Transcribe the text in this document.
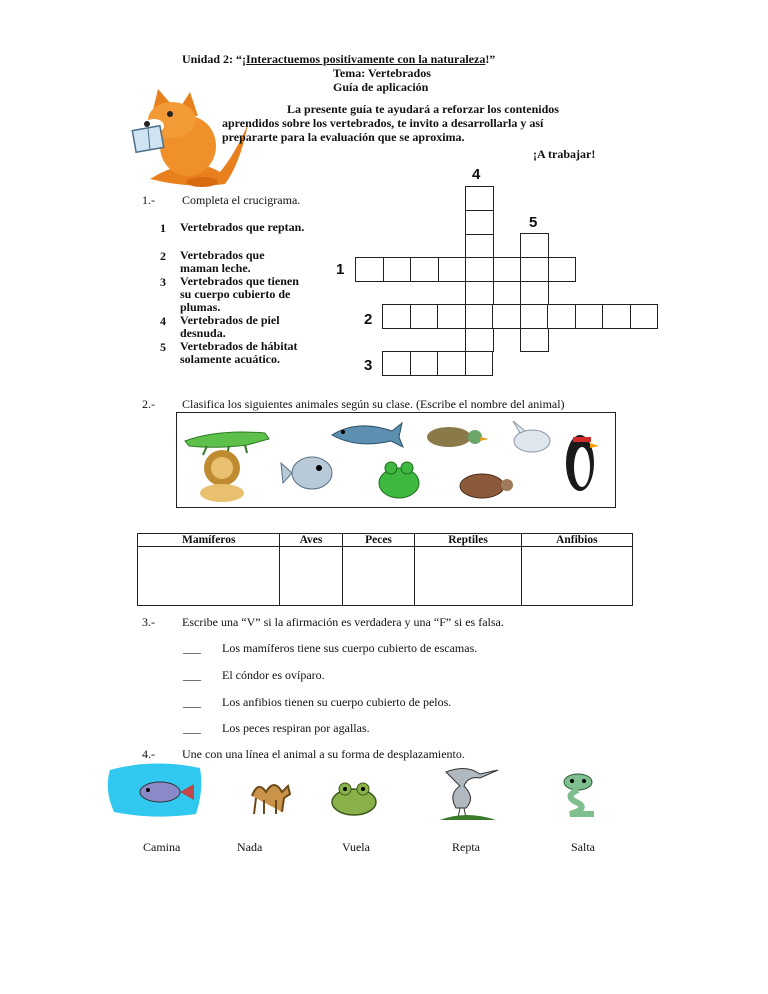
Unidad 2: “¡Interactuemos positivamente con la naturaleza!”
Tema: Vertebrados
Guía de aplicación
La presente guía te ayudará a reforzar los contenidos
aprendidos sobre los vertebrados, te invito a desarrollarla y así
prepararte para la evaluación que se aproxima.
¡A trabajar!
1.- Completa el crucigrama.
1 Vertebrados que reptan.
2 Vertebrados que
maman leche.
3 Vertebrados que tienen
su cuerpo cubierto de
plumas.
4 Vertebrados de piel
desnuda.
5 Vertebrados de hábitat
solamente acuático.
4
5
1
2
3
2.- Clasifica los siguientes animales según su clase. (Escribe el nombre del animal)
Mamíferos	Aves	Peces	Reptiles	Anfibios

3.- Escribe una “V” si la afirmación es verdadera y una “F” si es falsa.
___ Los mamíferos tiene sus cuerpo cubierto de escamas.
___ El cóndor es ovíparo.
___ Los anfibios tienen su cuerpo cubierto de pelos.
___ Los peces respiran por agallas.
4.- Une con una línea el animal a su forma de desplazamiento.
Camina	Nada	Vuela	Repta	Salta
